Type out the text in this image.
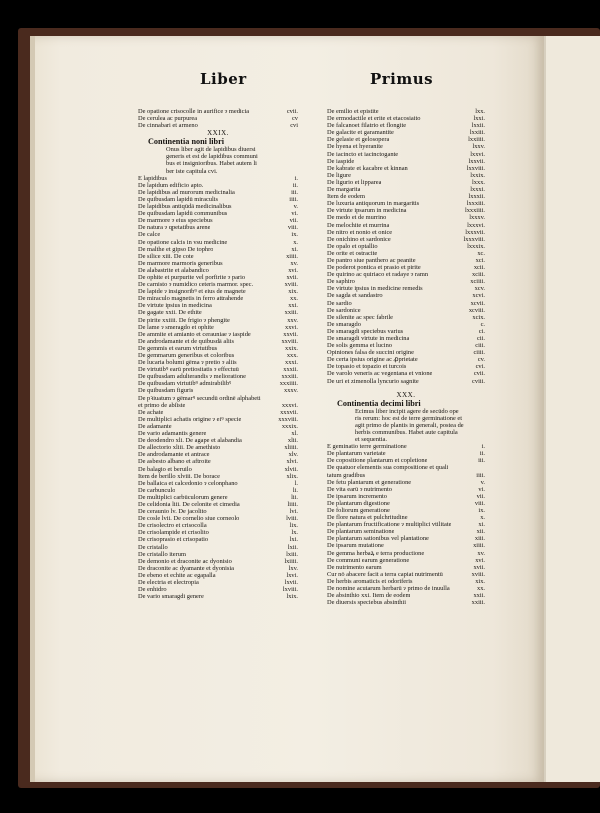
Liber	Primus
De opatione crisocolle in aurifice ɂ medicia	cvii.
De cerulea ac purpurea	cv
De cinnabari et armeno	cvi
XXIX.
Continentia noni libri
Onus liber agit de lapidibus diuersi
generis et est de lapidibus communi
bus et insignioribus. Habet autem li
ber iste capitula cvi.
E lapidibus	i.
De lapidum edificio apto.	ii.
De lapidibus ad murorum medicinalia	iii.
De quibusdam lapidū miraculis	iiii.
De lapidibus antiqūdā medicinalibus	v.
De quibusdam lapidū communibus	vi.
De marmore ɂ eius speciebus	vii.
De natura ɂ ɋpetatibus arene	viii.
De calce	ix.
De opatione calcis in vsu medicine	x.
De malthe et gipso De tophro	xi.
De silice xiii. De cote	xiiii.
De marmore marmoris generibus	xv.
De alabastrite et alabandico	xvi.
De ophite et purpurite vel porfirite ɂ pario	xvii.
De carnisto ɂ numidico ceteris marmor. spec.	xviii.
De lapide ɂ insignoribꝰ et eius de magnete	xix.
De miraculo magnetis in ferro attrahende	xx.
De virtute ipsius in medicina	xxi.
De gagate xxii. De ethite	xxiii.
De pirite xxiiii. De frigio ɂ phengite	xxv.
De lame ɂ smeragdo et ophite	xxvi.
De ammite et amianto et cerauniae ɂ iaspide	xxvii.
De androdamante et de quibusdā aliis	xxviii.
De gemmis et earum virtutibus	xxix.
De gemmarum generibus et coloribus	xxx.
De lucaria bolumi gēma ɂ pretio ɂ aliis	xxxi.
De virtutibꝰ earū pretiositatis ɂ effectuū	xxxii.
De quibusdam adulterandis ɂ melioratione	xxxiii.
De quibusdam virtutibꝰ admirabilibꝰ	xxxiiii.
De quibusdam figuris	xxxv.
De pꝛiuatum ɂ gēmarꝰ secundū ordinē alphabeti
et primo de abſiste	xxxvi.
De achate	xxxvii.
De multiplici achatis origine ɂ eiꝰ specie	xxxviii.
De adamante	xxxix.
De vario adamantis genere	xl.
De deodendro xli. De agape et alabandia	xlii.
De allectorio xliii. De amethisto	xliiii.
De androdamante et antrace	xlv.
De asbesto albano et aftroite	xlvi.
De balagio et beruilo	xlvii.
Item de berillo xlviii. De borace	xlix.
De ballaica et calcedonio ɂ celonphano	l.
De carbunculo	li.
De multiplici carbūculorum genere	lii.
De celidonia liii. De celonite et cimedia	liiii.
De ceraunio lv. De jacolito	lvi.
De cosle lvii. De cornelio siue corneolo	lviii.
De crisolectro et crisocolla	lix.
De crisolampide et crisolito	lx.
De crisoprasio et crisopatio	lxi.
De cristallo	lxii.
De cristallo iterum	lxiii.
De demonio et draconite ac dyonisio	lxiiii.
De draconite ac dyamante et dyonisia	lxv.
De ebeno et echite ac egapalla	lxvi.
De electria et electropia	lxvii.
De enhidro	lxviii.
De vario smaragdi genere	lxix.
De emilio et epistite	lxx.
De ermodactile et erite et etacosiaito	lxxi.
De falcanoet filatrio et flongite	lxxii.
De galacite et garamantite	lxxiii.
De gelasie et gelosopera	lxxiiii.
De hyena et hyeranite	lxxv.
De iacincto et iacinctogante	lxxvi.
De iaspide	lxxvii.
De kabrate et kacabre et kinnan	lxxviii.
De ligure	lxxix.
De ligurio et lipparea	lxxx.
De margarita	lxxxi.
Item de eodem	lxxxii.
De luxuria antiquorum in margaritis	lxxxiii.
De virtute ipsarum in medicina	lxxxiiii.
De medo et de murrino	lxxxv.
De melochite et murrina	lxxxvi.
De nitro et nonio et onice	lxxxvii.
De onichino et sardonice	lxxxviii.
De opalo et optallio	lxxxix.
De orite et ostracite	xc.
De pantro siue panthero ac peanite	xci.
De poderot pontica et prasio et pirite	xcii.
De quirino ac quiriaco et radaye ɂ ramn	xciii.
De saphiro	xciiii.
De virtute ipsius in medicine remedis	xcv.
De sagda et sandastro	xcvi.
De sardio	xcvii.
De sardonice	xcviii.
De silenite ac spec fabrile	xcix.
De smaragdo	c.
De smaragdi speciebus varius	ci.
De smaragdi virtute in medicina	cii.
De solis gemma et lucino	ciii.
Opiniones falsa de succini origine	ciiii.
De certa ipsius origine ac ꝓprietate	cv.
De topasio et topazio et turcois	cvi.
De varolo veneris ac vegentana et vnione	cvii.
De uri et zimenolla lyncurio sagnite	cviii.
XXX.
Continentia decimi libri
Ecimus liber incipit agere de secūdo ope
ris rerum: hoc est de terre germinatione et
agit primo de plantis in generali, postea de
herbis communibus. Habet aute capitula
et sequentia.
E geminatio terre germinatione	i.
De plantarum varietate	ii.
De copositione plantarum et copletione	iii.
De quatuor elementis sua compositione et quali
tatum gradibus	iiii.
De fetu plantarum et generatione	v.
De vita earū ɂ nutrimento	vi.
De ipsarum incremento	vii.
De plantarum digestione	viii.
De foliorum generatione	ix.
De flore natura et pulchritudine	x.
De plantarum fructificatione ɂ multiplici vtilitate	xi.
De plantarum seminatione	xii.
De plantarum sationibus vel plantatione	xiii.
De ipsarum mutatione	xiiii.
De gemma herbaꝝ e terra productione	xv.
De communi earum generatione	xvi.
De nutrimento earum	xvii.
Cur nō abacere facit a terra capiat nutrimentū	xviii.
De herbis aromaticis et odoriferis	xix.
De nomine acutarum herbarū ɂ primo de inuulla	xx.
De absinthio xxi. Item de eodem	xxii.
De diuersis speciebus absinthii	xxiii.
